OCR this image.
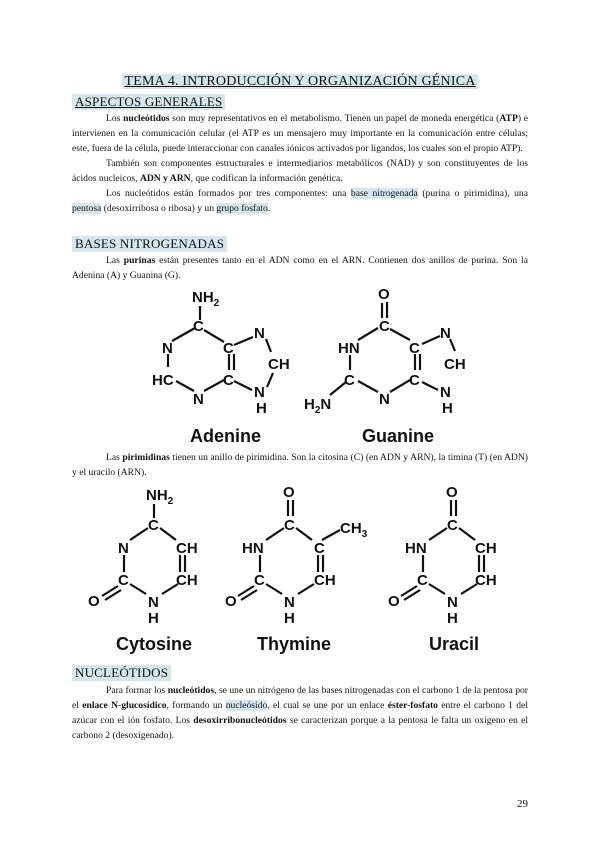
TEMA 4. INTRODUCCIÓN Y ORGANIZACIÓN GÉNICA
ASPECTOS GENERALES

Los nucleótidos son muy representativos en el metabolismo. Tienen un papel de moneda energética (ATP) e intervienen en la comunicación celular (el ATP es un mensajero muy importante en la comunicación entre células; este, fuera de la célula, puede interaccionar con canales iónicos activados por ligandos, los cuales son el propio ATP).

También son componentes estructurales e intermediarios metabólicos (NAD) y son constituyentes de los ácidos nucleicos, ADN y ARN, que codifican la información genética.

Los nucleótidos están formados por tres componentes: una base nitrogenada (purina o pirimidina), una pentosa (desoxirribosa o ribosa) y un grupo fosfato.

BASES NITROGENADAS

Las purinas están presentes tanto en el ADN como en el ARN. Contienen dos anillos de purina. Son la Adenina (A) y Guanina (G).

$NH_2$
C
N	C
N
CH
HC	C
N
N
H
Adenine
O
C
HN	C
N
CH
C	C
N
N
H
$H_2N$
Guanine

Las pirimidinas tienen un anillo de pirimidina. Son la citosina (C) (en ADN y ARN), la timina (T) (en ADN) y el uracilo (ARN).

$NH_2$
C
N	CH
C	CH
O	N
H
Cytosine
O
C	$CH_3$
HN	C
C	CH
O	N
H
Thymine
O
C
HN	CH
C	CH
O	N
H
Uracil
NUCLEÓTIDOS

Para formar los nucleótidos, se une un nitrógeno de las bases nitrogenadas con el carbono 1 de la pentosa por el enlace N-glucosídico, formando un nucleósido, el cual se une por un enlace éster-fosfato entre el carbono 1 del azúcar con el ión fosfato. Los desoxirribonucleótidos se caracterizan porque a la pentosa le falta un oxígeno en el carbono 2 (desoxigenado).

29
